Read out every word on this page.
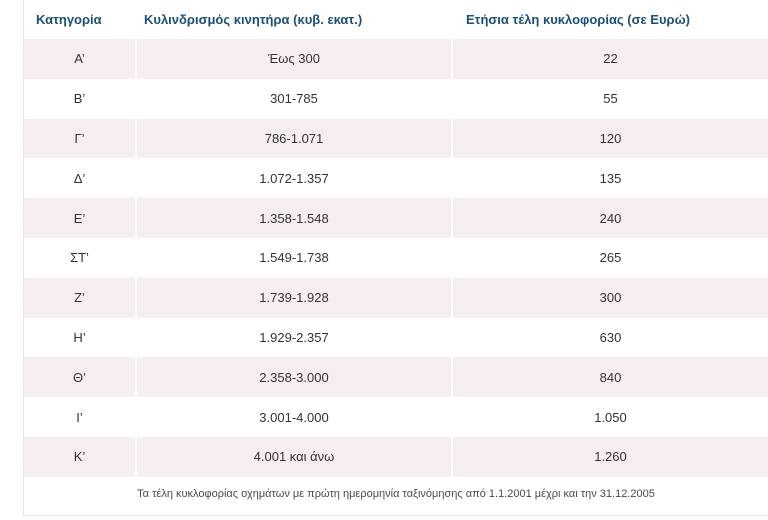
Κατηγορία	Κυλινδρισμός κινητήρα (κυβ. εκατ.)	Ετήσια τέλη κυκλοφορίας (σε Ευρώ)
Α’	Έως 300	22
Β’	301-785	55
Γ’	786-1.071	120
Δ’	1.072-1.357	135
Ε’	1.358-1.548	240
ΣΤ’	1.549-1.738	265
Ζ’	1.739-1.928	300
Η’	1.929-2.357	630
Θ’	2.358-3.000	840
Ι’	3.001-4.000	1.050
Κ’	4.001 και άνω	1.260
Τα τέλη κυκλοφορίας οχημάτων με πρώτη ημερομηνία ταξινόμησης από 1.1.2001 μέχρι και την 31.12.2005
